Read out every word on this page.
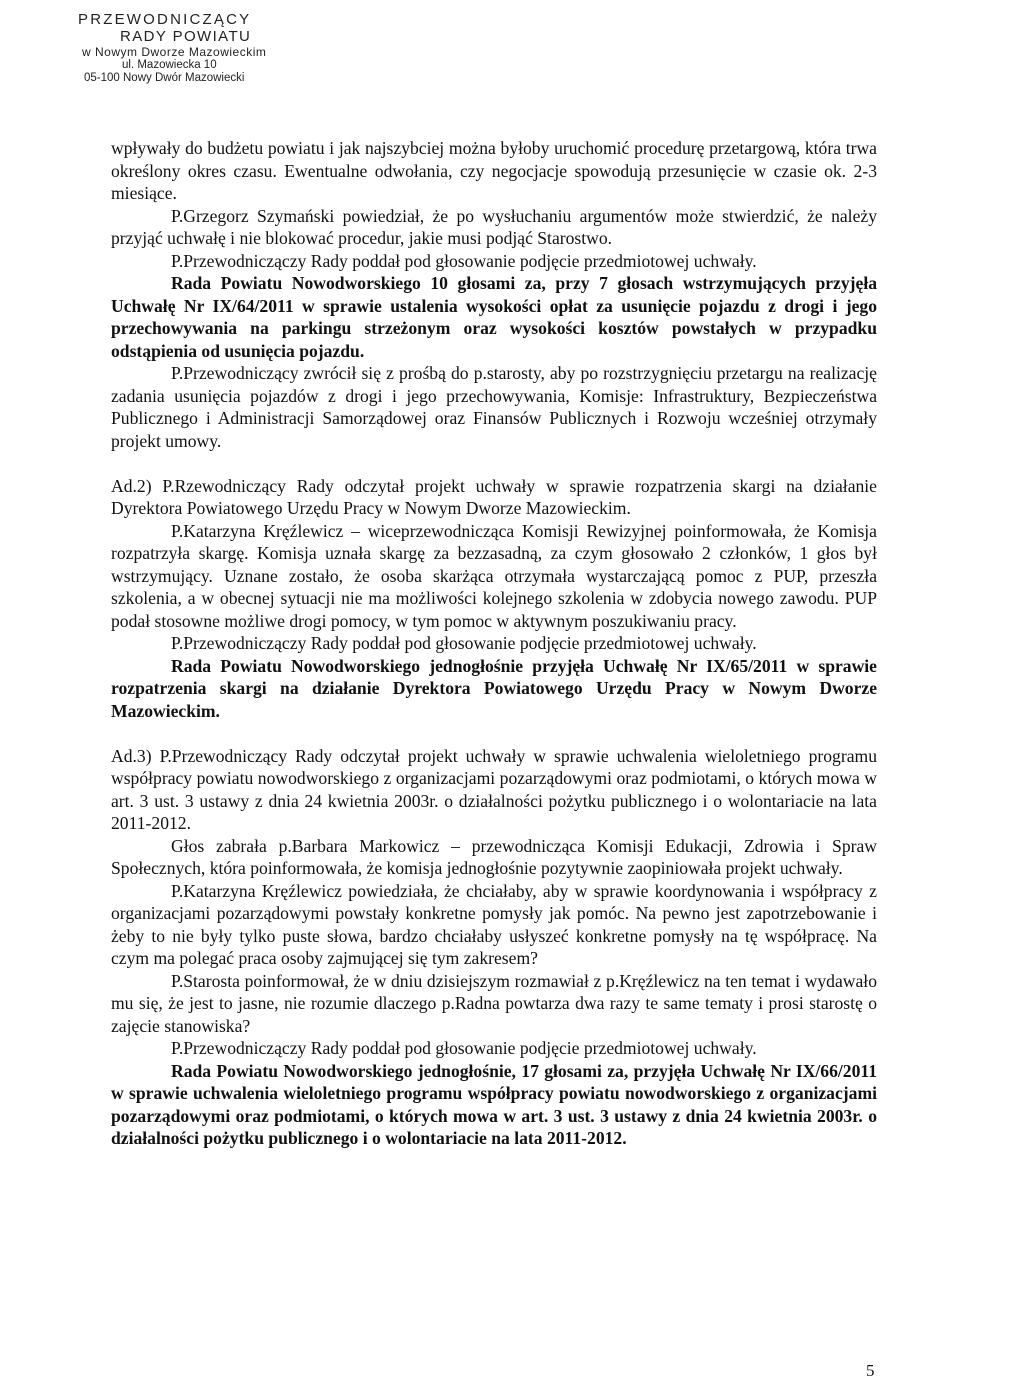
PRZEWODNICZĄCY
RADY POWIATU
w Nowym Dworze Mazowieckim
ul. Mazowiecka 10
05-100 Nowy Dwór Mazowiecki

wpływały do budżetu powiatu i jak najszybciej można byłoby uruchomić procedurę przetargową, która trwa określony okres czasu. Ewentualne odwołania, czy negocjacje spowodują przesunięcie w czasie ok. 2-3 miesiące.

P.Grzegorz Szymański powiedział, że po wysłuchaniu argumentów może stwierdzić, że należy przyjąć uchwałę i nie blokować procedur, jakie musi podjąć Starostwo.

P.Przewodniczączy Rady poddał pod głosowanie podjęcie przedmiotowej uchwały.

Rada Powiatu Nowodworskiego 10 głosami za, przy 7 głosach wstrzymujących przyjęła Uchwałę Nr IX/64/2011 w sprawie ustalenia wysokości opłat za usunięcie pojazdu z drogi i jego przechowywania na parkingu strzeżonym oraz wysokości kosztów powstałych w przypadku odstąpienia od usunięcia pojazdu.

P.Przewodniczący zwrócił się z prośbą do p.starosty, aby po rozstrzygnięciu przetargu na realizację zadania usunięcia pojazdów z drogi i jego przechowywania, Komisje: Infrastruktury, Bezpieczeństwa Publicznego i Administracji Samorządowej oraz Finansów Publicznych i Rozwoju wcześniej otrzymały projekt umowy.

Ad.2) P.Rzewodniczący Rady odczytał projekt uchwały w sprawie rozpatrzenia skargi na działanie Dyrektora Powiatowego Urzędu Pracy w Nowym Dworze Mazowieckim.

P.Katarzyna Kręźlewicz – wiceprzewodnicząca Komisji Rewizyjnej poinformowała, że Komisja rozpatrzyła skargę. Komisja uznała skargę za bezzasadną, za czym głosowało 2 członków, 1 głos był wstrzymujący. Uznane zostało, że osoba skarżąca otrzymała wystarczającą pomoc z PUP, przeszła szkolenia, a w obecnej sytuacji nie ma możliwości kolejnego szkolenia w zdobycia nowego zawodu. PUP podał stosowne możliwe drogi pomocy, w tym pomoc w aktywnym poszukiwaniu pracy.

P.Przewodniczączy Rady poddał pod głosowanie podjęcie przedmiotowej uchwały.

Rada Powiatu Nowodworskiego jednogłośnie przyjęła Uchwałę Nr IX/65/2011 w sprawie rozpatrzenia skargi na działanie Dyrektora Powiatowego Urzędu Pracy w Nowym Dworze Mazowieckim.

Ad.3) P.Przewodniczący Rady odczytał projekt uchwały w sprawie uchwalenia wieloletniego programu współpracy powiatu nowodworskiego z organizacjami pozarządowymi oraz podmiotami, o których mowa w art. 3 ust. 3 ustawy z dnia 24 kwietnia 2003r. o działalności pożytku publicznego i o wolontariacie na lata 2011-2012.

Głos zabrała p.Barbara Markowicz – przewodnicząca Komisji Edukacji, Zdrowia i Spraw Społecznych, która poinformowała, że komisja jednogłośnie pozytywnie zaopiniowała projekt uchwały.

P.Katarzyna Kręźlewicz powiedziała, że chciałaby, aby w sprawie koordynowania i współpracy z organizacjami pozarządowymi powstały konkretne pomysły jak pomóc. Na pewno jest zapotrzebowanie i żeby to nie były tylko puste słowa, bardzo chciałaby usłyszeć konkretne pomysły na tę współpracę. Na czym ma polegać praca osoby zajmującej się tym zakresem?

P.Starosta poinformował, że w dniu dzisiejszym rozmawiał z p.Kręźlewicz na ten temat i wydawało mu się, że jest to jasne, nie rozumie dlaczego p.Radna powtarza dwa razy te same tematy i prosi starostę o zajęcie stanowiska?

P.Przewodniczączy Rady poddał pod głosowanie podjęcie przedmiotowej uchwały.

Rada Powiatu Nowodworskiego jednogłośnie, 17 głosami za, przyjęła Uchwałę Nr IX/66/2011 w sprawie uchwalenia wieloletniego programu współpracy powiatu nowodworskiego z organizacjami pozarządowymi oraz podmiotami, o których mowa w art. 3 ust. 3 ustawy z dnia 24 kwietnia 2003r. o działalności pożytku publicznego i o wolontariacie na lata 2011-2012.

5
